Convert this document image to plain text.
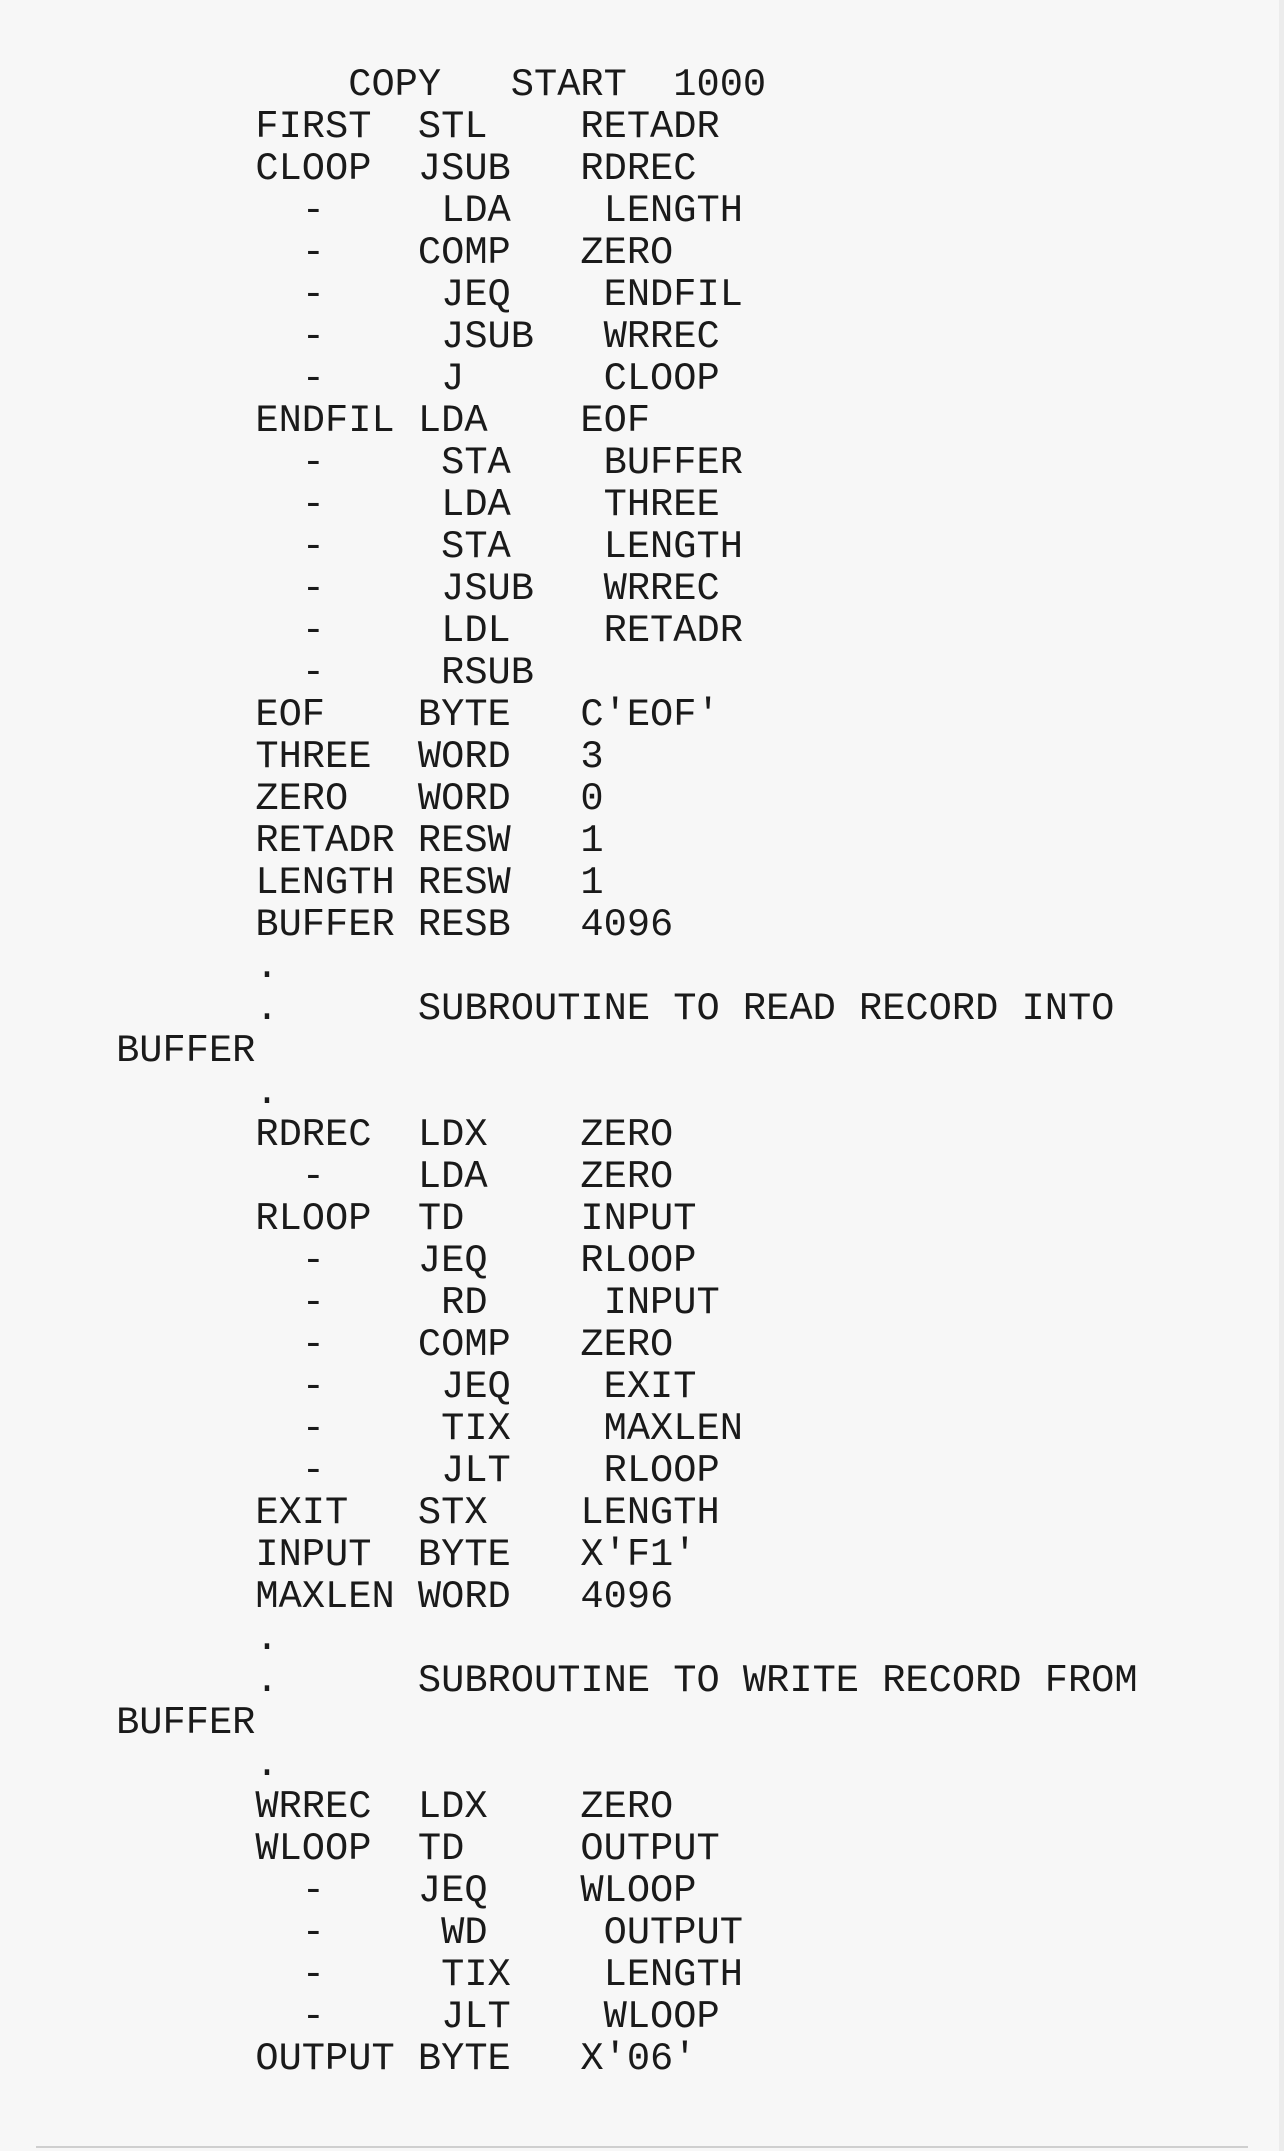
COPY   START  1000
FIRST  STL    RETADR
CLOOP  JSUB   RDREC
-     LDA    LENGTH
-    COMP   ZERO
-     JEQ    ENDFIL
-     JSUB   WRREC
-     J      CLOOP
ENDFIL LDA    EOF
-     STA    BUFFER
-     LDA    THREE
-     STA    LENGTH
-     JSUB   WRREC
-     LDL    RETADR
-     RSUB
EOF    BYTE   C'EOF'
THREE  WORD   3
ZERO   WORD   0
RETADR RESW   1
LENGTH RESW   1
BUFFER RESB   4096
.
.      SUBROUTINE TO READ RECORD INTO
BUFFER
.
RDREC  LDX    ZERO
-    LDA    ZERO
RLOOP  TD     INPUT
-    JEQ    RLOOP
-     RD     INPUT
-    COMP   ZERO
-     JEQ    EXIT
-     TIX    MAXLEN
-     JLT    RLOOP
EXIT   STX    LENGTH
INPUT  BYTE   X'F1'
MAXLEN WORD   4096
.
.      SUBROUTINE TO WRITE RECORD FROM
BUFFER
.
WRREC  LDX    ZERO
WLOOP  TD     OUTPUT
-    JEQ    WLOOP
-     WD     OUTPUT
-     TIX    LENGTH
-     JLT    WLOOP
OUTPUT BYTE   X'06'
